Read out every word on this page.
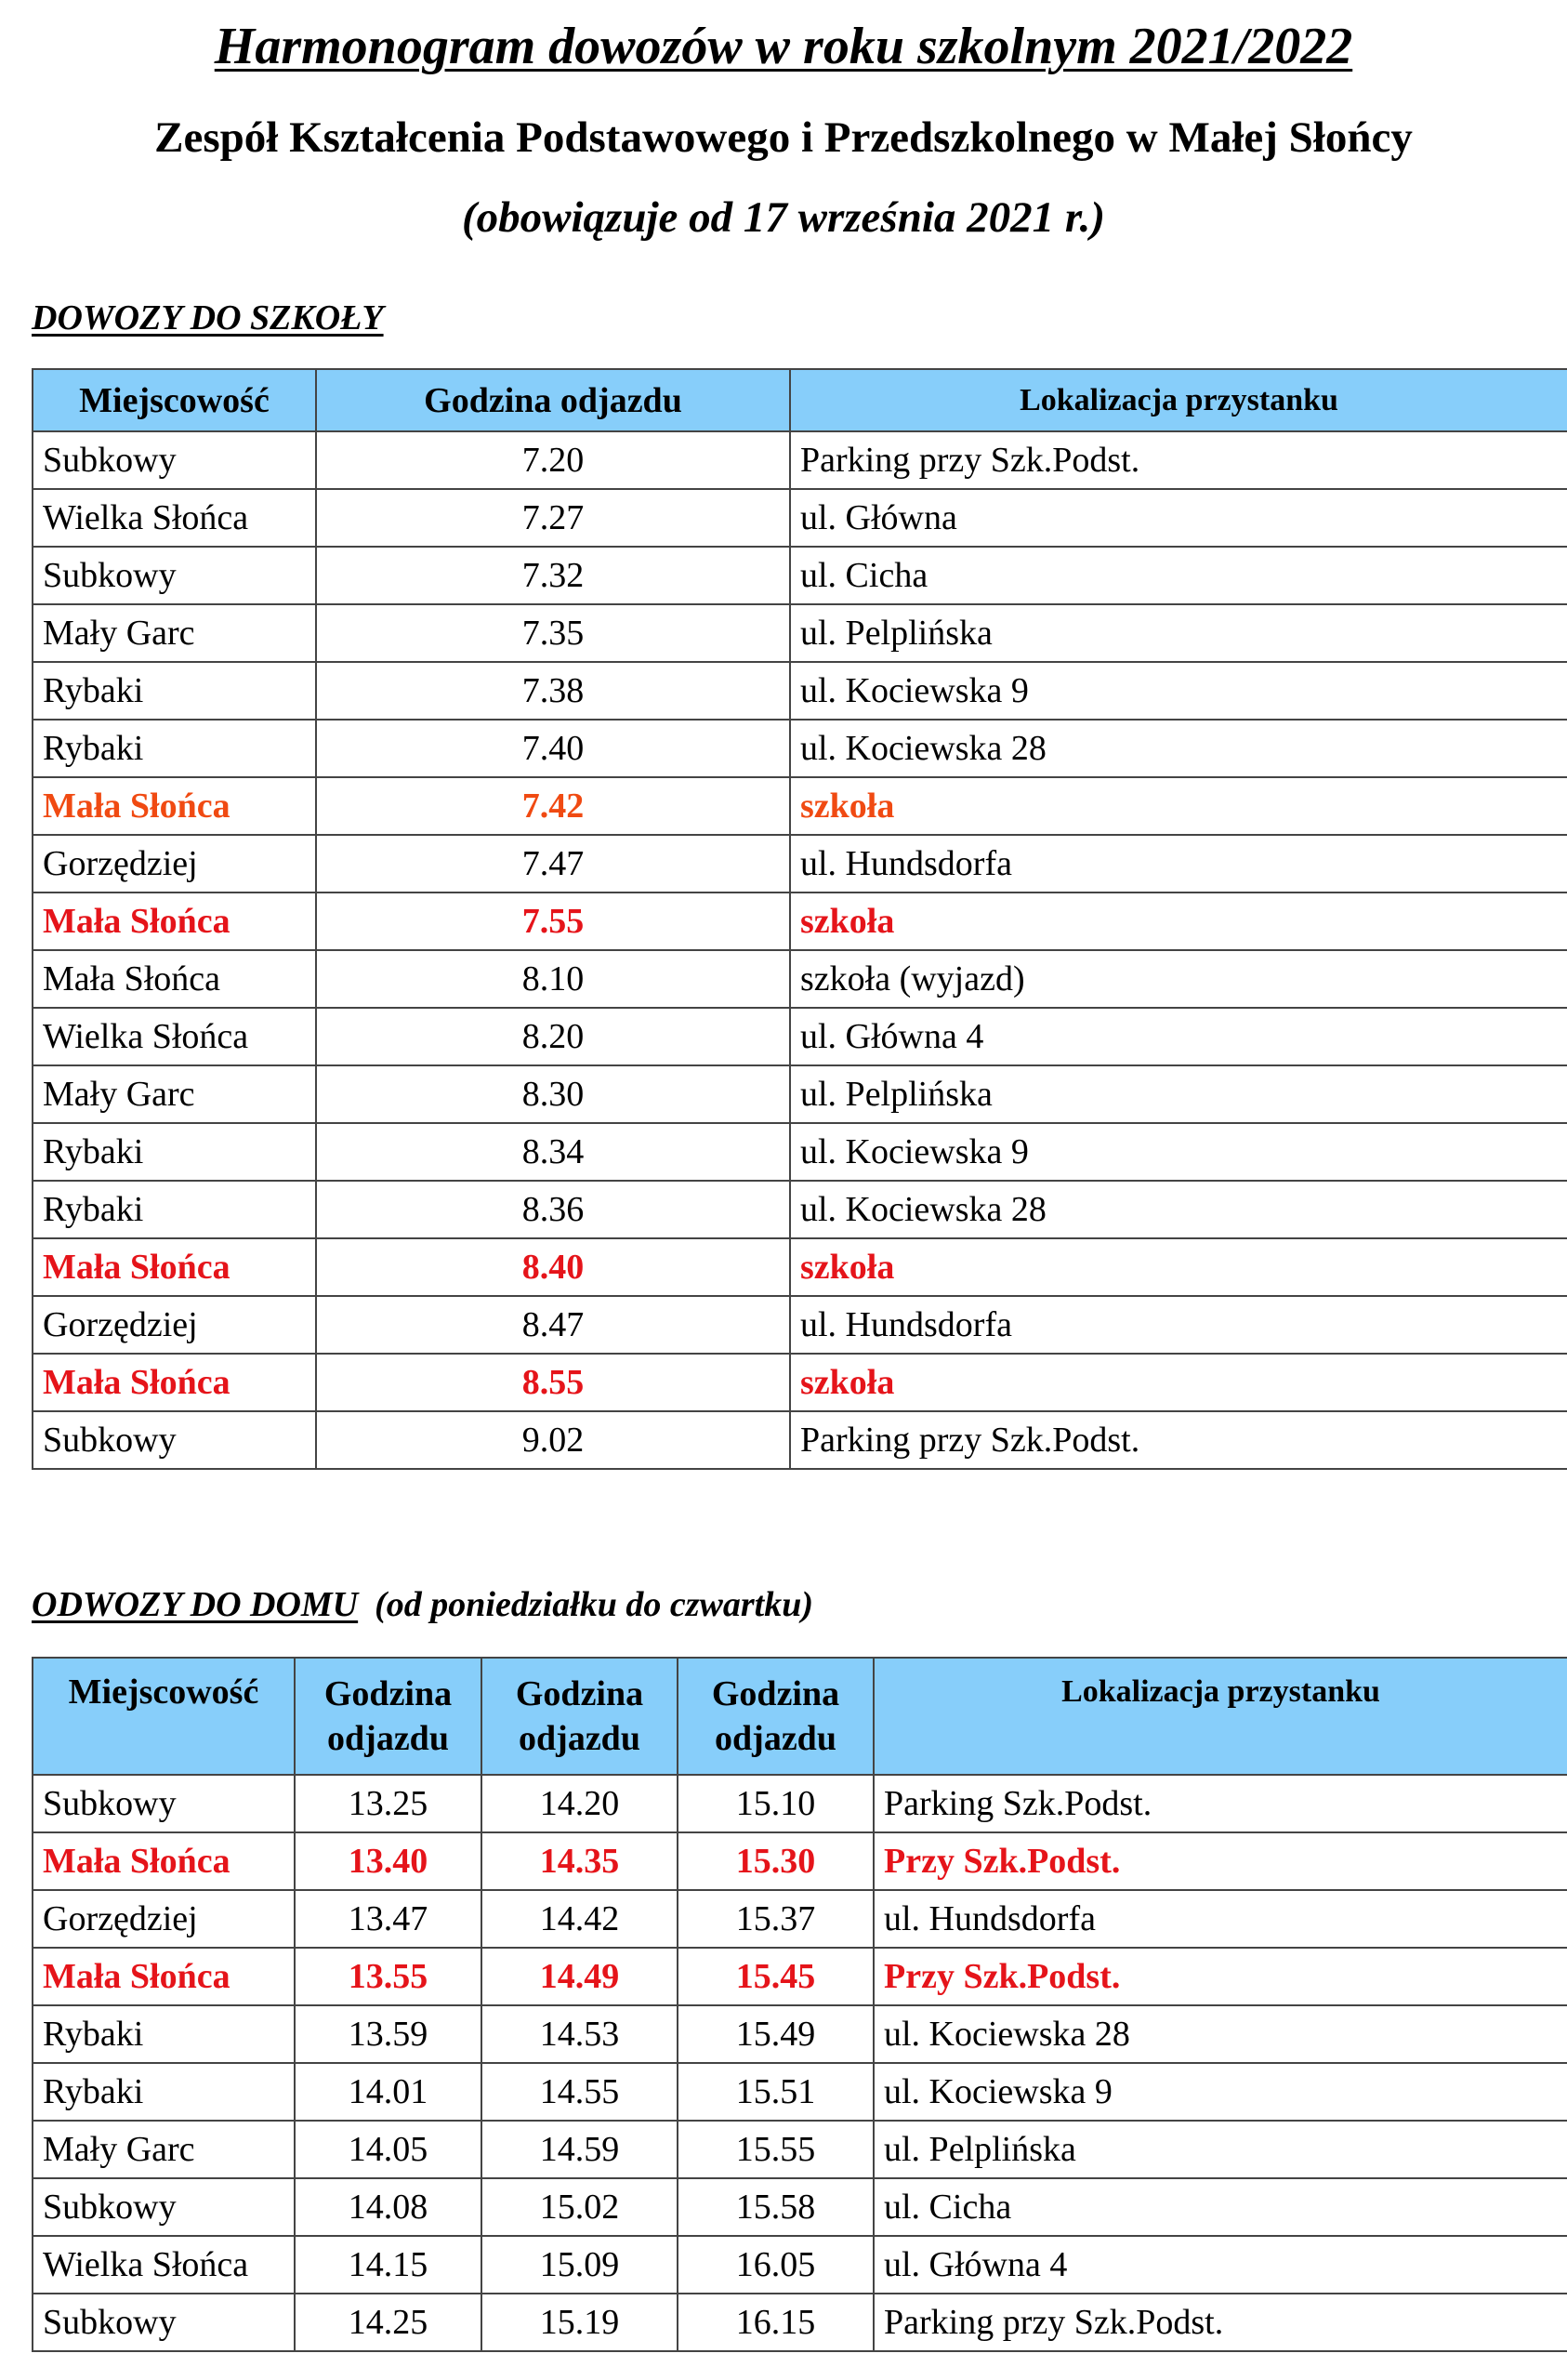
Harmonogram dowozów w roku szkolnym 2021/2022
Zespół Kształcenia Podstawowego i Przedszkolnego w Małej Słońcy
(obowiązuje od 17 września 2021 r.)
DOWOZY DO SZKOŁY
Miejscowość	Godzina odjazdu	Lokalizacja przystanku
Subkowy	7.20	Parking przy Szk.Podst.
Wielka Słońca	7.27	ul. Główna
Subkowy	7.32	ul. Cicha
Mały Garc	7.35	ul. Pelplińska
Rybaki	7.38	ul. Kociewska 9
Rybaki	7.40	ul. Kociewska 28
Mała Słońca	7.42	szkoła
Gorzędziej	7.47	ul. Hundsdorfa
Mała Słońca	7.55	szkoła
Mała Słońca	8.10	szkoła (wyjazd)
Wielka Słońca	8.20	ul. Główna 4
Mały Garc	8.30	ul. Pelplińska
Rybaki	8.34	ul. Kociewska 9
Rybaki	8.36	ul. Kociewska 28
Mała Słońca	8.40	szkoła
Gorzędziej	8.47	ul. Hundsdorfa
Mała Słońca	8.55	szkoła
Subkowy	9.02	Parking przy Szk.Podst.
ODWOZY DO DOMU (od poniedziałku do czwartku)
Miejscowość	Godzina odjazdu	Godzina odjazdu	Godzina odjazdu	Lokalizacja przystanku
Subkowy	13.25	14.20	15.10	Parking Szk.Podst.
Mała Słońca	13.40	14.35	15.30	Przy Szk.Podst.
Gorzędziej	13.47	14.42	15.37	ul. Hundsdorfa
Mała Słońca	13.55	14.49	15.45	Przy Szk.Podst.
Rybaki	13.59	14.53	15.49	ul. Kociewska 28
Rybaki	14.01	14.55	15.51	ul. Kociewska 9
Mały Garc	14.05	14.59	15.55	ul. Pelplińska
Subkowy	14.08	15.02	15.58	ul. Cicha
Wielka Słońca	14.15	15.09	16.05	ul. Główna 4
Subkowy	14.25	15.19	16.15	Parking przy Szk.Podst.
